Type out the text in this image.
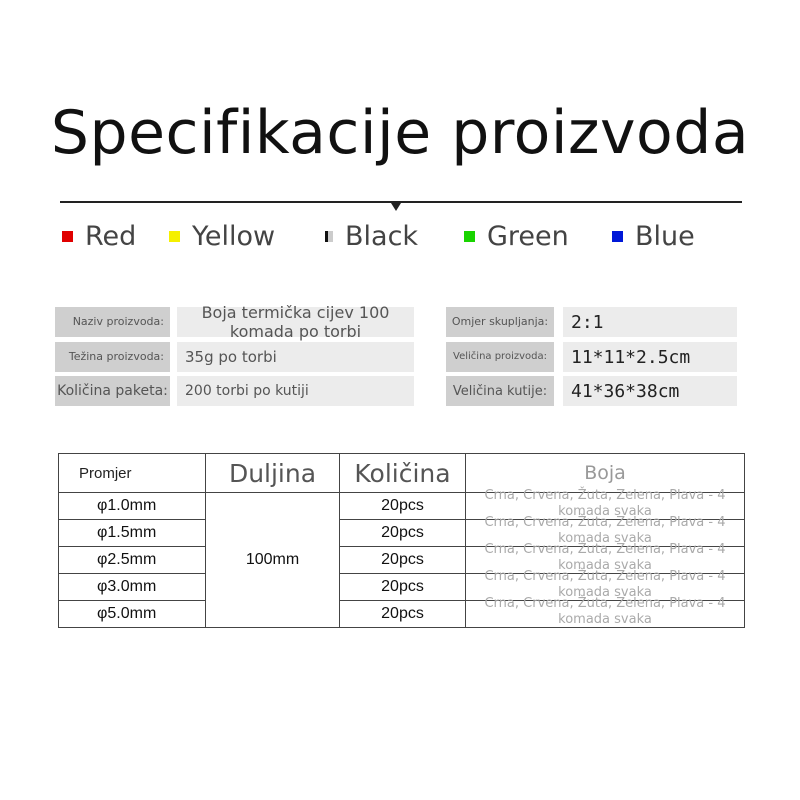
Specifikacije proizvoda
Red Yellow	Black	Green Blue
Naziv proizvoda:	Boja termička cijev 100 komada po torbi
Težina proizvoda:	35g po torbi
Količina paketa:	200 torbi po kutiji
Omjer skupljanja:	2:1
Veličina proizvoda:	11*11*2.5cm
Veličina kutije:	41*36*38cm
Promjer	Duljina	Količina	Boja
φ1.0mm	100mm	20pcs	Crna, Crvena, Žuta, Zelena, Plava - 4 komada svaka

φ1.5mm		20pcs	Crna, Crvena, Žuta, Zelena, Plava - 4 komada svaka

φ2.5mm		20pcs	Crna, Crvena, Žuta, Zelena, Plava - 4 komada svaka

φ3.0mm		20pcs	Crna, Crvena, Žuta, Zelena, Plava - 4 komada svaka

φ5.0mm		20pcs	Crna, Crvena, Žuta, Zelena, Plava - 4 komada svaka
